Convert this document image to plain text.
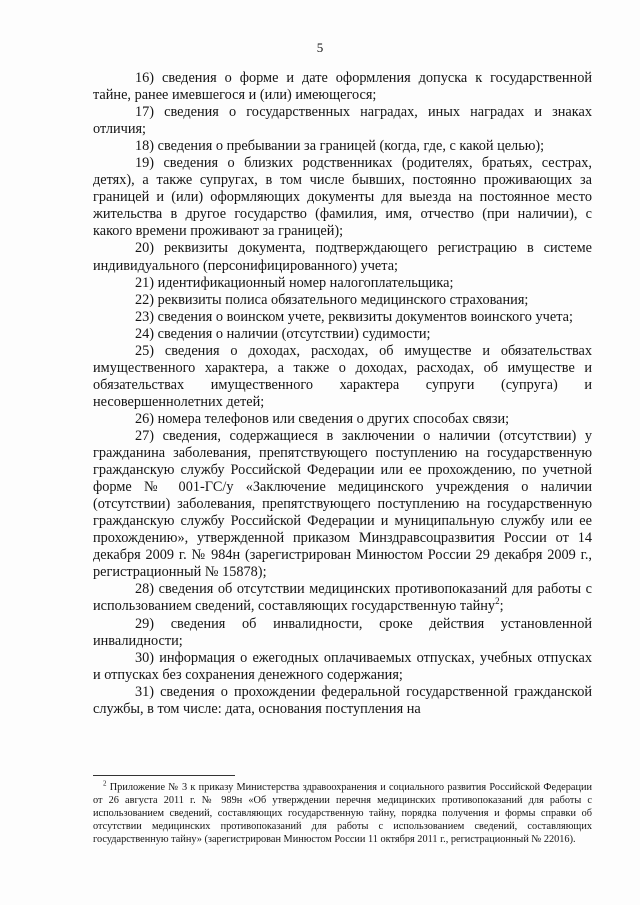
5

16) сведения о форме и дате оформления допуска к государственной тайне, ранее имевшегося и (или) имеющегося;

17) сведения о государственных наградах, иных наградах и знаках отличия;

18) сведения о пребывании за границей (когда, где, с какой целью);

19) сведения о близких родственниках (родителях, братьях, сестрах, детях), а также супругах, в том числе бывших, постоянно проживающих за границей и (или) оформляющих документы для выезда на постоянное место жительства в другое государство (фамилия, имя, отчество (при наличии), с какого времени проживают за границей);

20) реквизиты документа, подтверждающего регистрацию в системе индивидуального (персонифицированного) учета;

21) идентификационный номер налогоплательщика;

22) реквизиты полиса обязательного медицинского страхования;

23) сведения о воинском учете, реквизиты документов воинского учета;

24) сведения о наличии (отсутствии) судимости;

25) сведения о доходах, расходах, об имуществе и обязательствах имущественного характера, а также о доходах, расходах, об имуществе и обязательствах имущественного характера супруги (супруга) и несовершеннолетних детей;

26) номера телефонов или сведения о других способах связи;

27) сведения, содержащиеся в заключении о наличии (отсутствии) у гражданина заболевания, препятствующего поступлению на государственную гражданскую службу Российской Федерации или ее прохождению, по учетной форме № 001-ГС/у «Заключение медицинского учреждения о наличии (отсутствии) заболевания, препятствующего поступлению на государственную гражданскую службу Российской Федерации и муниципальную службу или ее прохождению», утвержденной приказом Минздравсоцразвития России от 14 декабря 2009 г. № 984н (зарегистрирован Минюстом России 29 декабря 2009 г., регистрационный № 15878);

28) сведения об отсутствии медицинских противопоказаний для работы с использованием сведений, составляющих государственную тайну$^2$;

29) сведения об инвалидности, сроке действия установленной инвалидности;

30) информация о ежегодных оплачиваемых отпусках, учебных отпусках и отпусках без сохранения денежного содержания;

31) сведения о прохождении федеральной государственной гражданской службы, в том числе: дата, основания поступления на

$^2$ Приложение № 3 к приказу Министерства здравоохранения и социального развития Российской Федерации от 26 августа 2011 г. № 989н «Об утверждении перечня медицинских противопоказаний для работы с использованием сведений, составляющих государственную тайну, порядка получения и формы справки об отсутствии медицинских противопоказаний для работы с использованием сведений, составляющих государственную тайну» (зарегистрирован Минюстом России 11 октября 2011 г., регистрационный № 22016).
